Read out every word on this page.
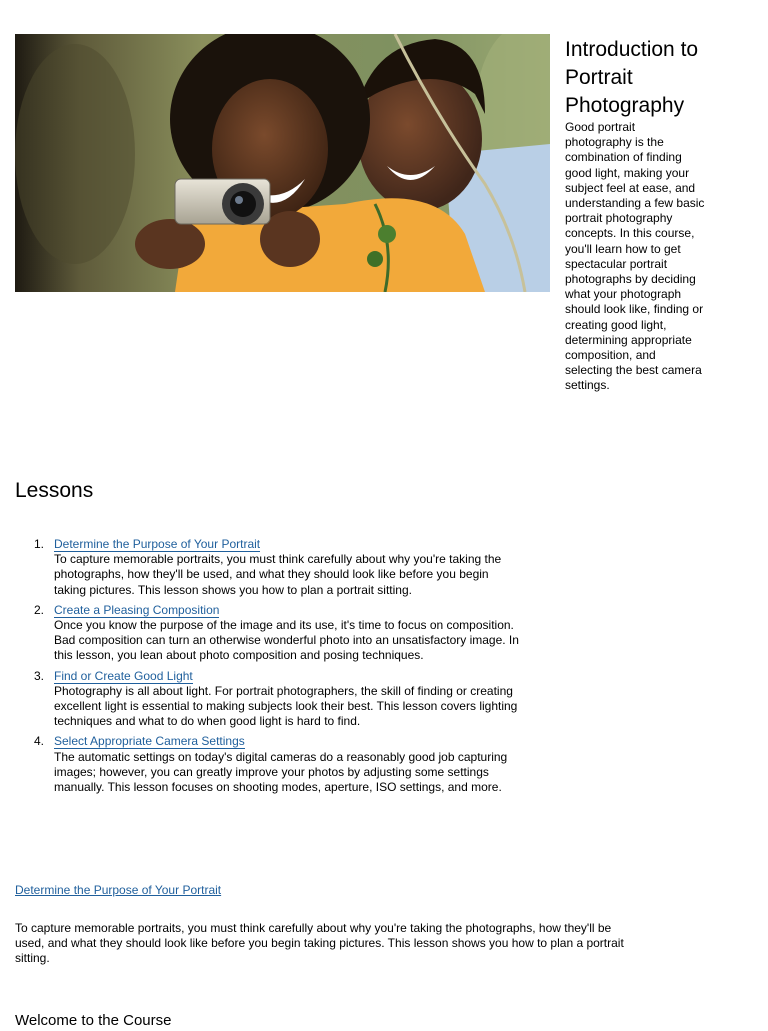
Introduction to Portrait Photography

Good portrait photography is the combination of finding good light, making your subject feel at ease, and understanding a few basic portrait photography concepts. In this course, you'll learn how to get spectacular portrait photographs by deciding what your photograph should look like, finding or creating good light, determining appropriate composition, and selecting the best camera settings.

Lessons
1. Determine the Purpose of Your Portrait
To capture memorable portraits, you must think carefully about why you're taking the photographs, how they'll be used, and what they should look like before you begin taking pictures. This lesson shows you how to plan a portrait sitting.
2. Create a Pleasing Composition
Once you know the purpose of the image and its use, it's time to focus on composition. Bad composition can turn an otherwise wonderful photo into an unsatisfactory image. In this lesson, you lean about photo composition and posing techniques.
3. Find or Create Good Light
Photography is all about light. For portrait photographers, the skill of finding or creating excellent light is essential to making subjects look their best. This lesson covers lighting techniques and what to do when good light is hard to find.
4. Select Appropriate Camera Settings
The automatic settings on today's digital cameras do a reasonably good job capturing images; however, you can greatly improve your photos by adjusting some settings manually. This lesson focuses on shooting modes, aperture, ISO settings, and more.
Determine the Purpose of Your Portrait

To capture memorable portraits, you must think carefully about why you're taking the photographs, how they'll be used, and what they should look like before you begin taking pictures. This lesson shows you how to plan a portrait sitting.

Welcome to the Course
